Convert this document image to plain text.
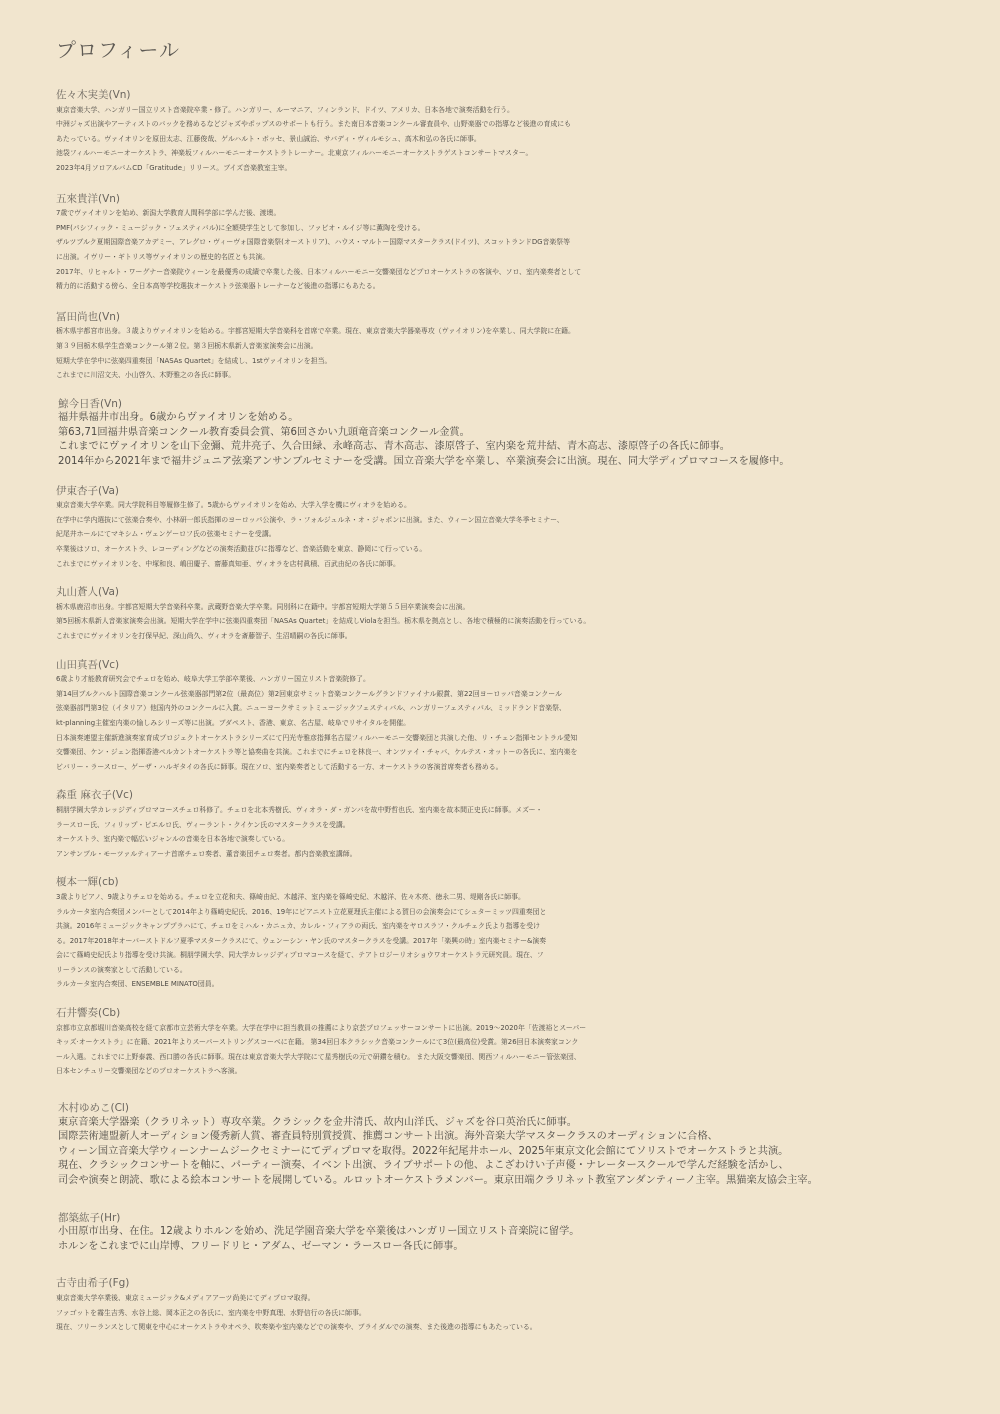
プロフィール
佐々木実美(Vn)
東京音楽大学、ハンガリー国立リスト音楽院卒業・修了。ハンガリー、ルーマニア、フィンランド、ドイツ、アメリカ、日本各地で演奏活動を行う。
中洲ジャズ出演やアーティストのバックを務めるなどジャズやポップスのサポートも行う。また南日本音楽コンクール審査員や、山野楽器での指導など後進の育成にも
あたっている。ヴァイオリンを原田太志、江藤俊哉、ゲルハルト・ボッセ、景山誠治、サバディ・ヴィルモシュ、高木和弘の各氏に師事。
池袋フィルハーモニーオーケストラ、神楽坂フィルハーモニーオーケストラトレーナー。北東京フィルハーモニーオーケストラゲストコンサートマスター。
2023年4月ソロアルバムCD「Gratitude」リリース。ブイズ音楽教室主宰。
五來貴洋(Vn)
7歳でヴァイオリンを始め、新潟大学教育人間科学部に学んだ後、渡墺。
PMF(パシフィック・ミュージック・フェスティバル)に全額奨学生として参加し、ファビオ・ルイジ等に薫陶を受ける。
ザルツブルク夏期国際音楽アカデミー、アレグロ・ヴィーヴォ国際音楽祭(オーストリア)、ハウス・マルトー国際マスタークラス(ドイツ)、スコットランドDG音楽祭等
に出演。イヴリー・ギトリス等ヴァイオリンの歴史的名匠とも共演。
2017年、リヒャルト・ワーグナー音楽院ウィーンを最優秀の成績で卒業した後、日本フィルハーモニー交響楽団などプロオーケストラの客演や、ソロ、室内楽奏者として
精力的に活動する傍ら、全日本高等学校選抜オーケストラ弦楽器トレーナーなど後進の指導にもあたる。
冨田尚也(Vn)
栃木県宇都宮市出身。３歳よりヴァイオリンを始める。宇都宮短期大学音楽科を首席で卒業。現在、東京音楽大学器楽専攻（ヴァイオリン)を卒業し、同大学院に在籍。
第３９回栃木県学生音楽コンクール第２位。第３回栃木県新人音楽家演奏会に出演。
短期大学在学中に弦楽四重奏団「NASAs Quartet」を結成し、1stヴァイオリンを担当。
これまでに川沼文夫、小山啓久、木野雅之の各氏に師事。
鯨今日香(Vn)
福井県福井市出身。6歳からヴァイオリンを始める。
第63,71回福井県音楽コンクール教育委員会賞、第6回さかい九頭竜音楽コンクール金賞。
これまでにヴァイオリンを山下金彌、荒井亮子、久合田緑、永峰高志、青木高志、漆原啓子、室内楽を荒井結、青木高志、漆原啓子の各氏に師事。
2014年から2021年まで福井ジュニア弦楽アンサンブルセミナーを受講。国立音楽大学を卒業し、卒業演奏会に出演。現在、同大学ディプロマコースを履修中。
伊東杏子(Va)
東京音楽大学卒業。同大学院科目等履修生修了。5歳からヴァイオリンを始め、大学入学を機にヴィオラを始める。
在学中に学内選抜にて弦楽合奏や、小林研一郎氏指揮のヨーロッパ公演や、ラ・フォルジュルネ・オ・ジャポンに出演。また、ウィーン国立音楽大学冬季セミナー、
紀尾井ホールにてマキシム・ヴェンゲーロフ氏の弦楽セミナーを受講。
卒業後はソロ、オーケストラ、レコーディングなどの演奏活動並びに指導など、音楽活動を東京、静岡にて行っている。
これまでにヴァイオリンを、中塚和良、嶋田慶子、齋藤真知亜、ヴィオラを店村眞積、百武由紀の各氏に師事。
丸山蒼人(Va)
栃木県鹿沼市出身。宇都宮短期大学音楽科卒業。武蔵野音楽大学卒業。同別科に在籍中。宇都宮短期大学第５５回卒業演奏会に出演。
第5回栃木県新人音楽家演奏会出演。短期大学在学中に弦楽四重奏団「NASAs Quartet」を結成しViolaを担当。栃木県を拠点とし、各地で積極的に演奏活動を行っている。
これまでにヴァイオリンを打保早紀、深山尚久、ヴィオラを斎藤智子、生沼晴嗣の各氏に師事。
山田真吾(Vc)
6歳より才能教育研究会でチェロを始め、岐阜大学工学部卒業後、ハンガリー国立リスト音楽院修了。
第14回ブルクハルト国際音楽コンクール弦楽器部門第2位（最高位）第2回東京サミット音楽コンクールグランドファイナル銀賞、第22回ヨーロッパ音楽コンクール
弦楽器部門第3位（イタリア）他国内外のコンクールに入賞。ニューヨークサミットミュージックフェスティバル、ハンガリーフェスティバル、ミッドランド音楽祭、
kt-planning主催室内楽の愉しみシリーズ等に出演。ブダペスト、香港、東京、名古屋、岐阜でリサイタルを開催。
日本演奏連盟主催新進演奏家育成プロジェクトオーケストラシリーズにて円光寺雅彦指揮名古屋フィルハーモニー交響楽団と共演した他、リ・チェン指揮セントラル愛知
交響楽団、ケン・ジェン指揮香港ペルカントオーケストラ等と協奏曲を共演。これまでにチェロを林良一、オンツァイ・チャバ、ケルテス・オットーの各氏に、室内楽を
ビバリー・ラースロー、ゲーザ・ハルギタイの各氏に師事。現在ソロ、室内楽奏者として活動する一方、オーケストラの客演首席奏者も務める。
森重 麻衣子(Vc)
桐朋学園大学カレッジディプロマコースチェロ科修了。チェロを北本秀樹氏、ヴィオラ・ダ・ガンバを故中野哲也氏、室内楽を故本間正史氏に師事。メズー・
ラースロー氏、フィリップ・ピエルロ氏、ヴィーラント・クイケン氏のマスタークラスを受講。
オーケストラ、室内楽で幅広いジャンルの音楽を日本各地で演奏している。
アンサンブル・モーツァルティアーナ首席チェロ奏者、董音楽団チェロ奏者。都内音楽教室講師。
榎本一輝(cb)
3歳よりピアノ、9歳よりチェロを始める。チェロを立花和夫、篠崎由紀、木越洋、室内楽を篠崎史紀、木越洋、佐々木亮、徳永二男、堤剛各氏に師事。
ラルカータ室内合奏団メンバーとして2014年より篠崎史紀氏、2016、19年にピアニスト立花夏理氏主催による賀日の会演奏会にてシュターミッツ四重奏団と
共演。2016年ミュージックキャンププラハにて、チェロをミハル・カニュカ、カレル・フィアラの両氏、室内楽をヤロスラフ・クルチェク氏より指導を受け
る。2017年2018年オーバーストドルフ夏季マスタークラスにて、ウェンーシン・ヤン氏のマスタークラスを受講。2017年「楽興の時」室内楽セミナー&演奏
会にて篠崎史紀氏より指導を受け共演。桐朋学園大学、同大学カレッジディプロマコースを経て、テアトロジーリオショウワオーケストラ元研究員。現在、フ
リーランスの演奏家として活動している。
ラルカータ室内合奏団、ENSEMBLE MINATO団員。
石井響奏(Cb)
京都市立京都堀川音楽高校を経て京都市立芸術大学を卒業。大学在学中に担当教員の推薦により京芸プロフェッサーコンサートに出演。2019〜2020年「佐渡裕とスーパー
キッズ·オーケストラ」に在籍、2021年よりスーパーストリングスコーベに在籍。 第34回日本クラシック音楽コンクールにて3位(最高位)受賞。第26回日本演奏家コンク
ール入選。これまでに上野泰義、西口勝の各氏に師事。現在は東京音楽大学大学院にて星秀樹氏の元で研鑽を積む。 また大阪交響楽団、関西フィルハーモニー管弦楽団、
日本センチュリー交響楽団などのプロオーケストラへ客演。
木村ゆめこ(Cl)
東京音楽大学器楽（クラリネット）専攻卒業。クラシックを金井清氏、故内山洋氏、ジャズを谷口英治氏に師事。
国際芸術連盟新人オーディション優秀新人賞、審査員特別賞授賞、推薦コンサート出演。海外音楽大学マスタークラスのオーディションに合格、
ウィーン国立音楽大学ウィーンナームジークセミナーにてディプロマを取得。2022年紀尾井ホール、2025年東京文化会館にてソリストでオーケストラと共演。
現在、クラシックコンサートを軸に、パーティー演奏、イベント出演、ライブサポートの他、よこざわけい子声優・ナレータースクールで学んだ経験を活かし、
司会や演奏と朗読、歌による絵本コンサートを展開している。ルロットオーケストラメンバー。東京田端クラリネット教室アンダンティーノ主宰。黒猫楽友協会主宰。
都築紘子(Hr)
小田原市出身、在住。12歳よりホルンを始め、洗足学園音楽大学を卒業後はハンガリー国立リスト音楽院に留学。
ホルンをこれまでに山岸博、フリードリヒ・アダム、ゼーマン・ラースロー各氏に師事。
古寺由希子(Fg)
東京音楽大学卒業後、東京ミュージック&メディアアーツ尚美にてディプロマ取得。
ファゴットを霧生吉秀、水谷上総、岡本正之の各氏に、室内楽を中野真理、水野信行の各氏に師事。
現在、フリーランスとして関東を中心にオーケストラやオペラ、吹奏楽や室内楽などでの演奏や、ブライダルでの演奏、また後進の指導にもあたっている。
